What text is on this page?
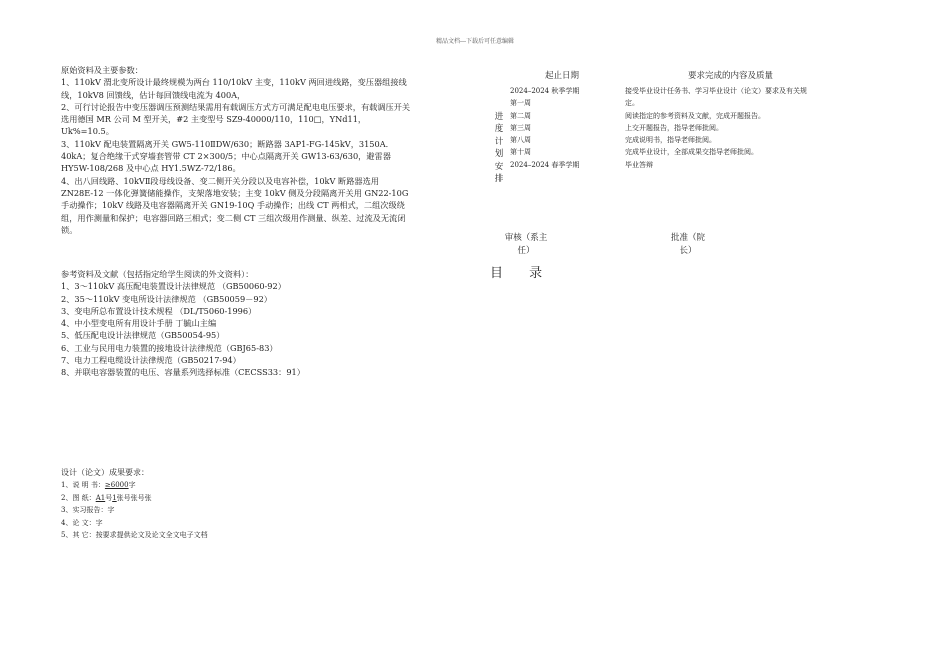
精品文档---下载后可任意编辑

原始资料及主要参数：

1、110kV 渭北变所设计最终规模为两台 110/10kV 主变，110kV 两回进线路，变压器组接线线，10kV8 回馈线，估计每回馈线电流为 400A，

2、可行讨论报告中变压器调压预测结果需用有载调压方式方可满足配电电压要求，有载调压开关选用德国 MR 公司 M 型开关，#2 主变型号 SZ9-40000/110，110□，YNd11，Uk%=10.5。

3、110kV 配电装置隔离开关 GW5-110ⅡDW/630；断路器 3AP1-FG-145kV，3150A．40kA；复合绝缘干式穿墙套管带 CT 2×300/5；中心点隔离开关 GW13-63/630，避雷器 HY5W-108/268 及中心点 HY1.5WZ-72/186。

4、出八回线路、10kVⅡ段母线设备、变二侧开关分段以及电容补偿，10kV 断路器选用 ZN28E-12 一体化弹簧储能操作，支架落地安装；主变 10kV 侧及分段隔离开关用 GN22-10G 手动操作；10kV 线路及电容器隔离开关 GN19-10Q 手动操作；出线 CT 两相式，二组次级绕组，用作测量和保护；电容器回路三相式；变二侧 CT 三组次级用作测量、纵差、过流及无流闭锁。

参考资料及文献（包括指定给学生阅读的外文资料）：

1、3～110kV 高压配电装置设计法律规范 （GB50060-92）

2、35～110kV 变电所设计法律规范 （GB50059－92）

3、变电所总布置设计技术规程 （DL/T5060-1996）

4、中小型变电所有用设计手册 丁毓山主编

5、低压配电设计法律规范（GB50054-95）

6、工业与民用电力装置的接地设计法律规范（GBJ65-83）

7、电力工程电缆设计法律规范（GB50217-94）

8、并联电容器装置的电压、容量系列选择标准（CECSS33：91）

设计（论文）成果要求：
1、说 明 书：≥6000字
2、图 纸：A1号1张号张号张
3、实习报告：字
4、论 文：字
5、其 它：按要求提供论文及论文全文电子文档
起止日期	要求完成的内容及质量
进
度
计
划
安
排
2024–2024 秋季学期
第一周
第二周
第三周
第八周
第十周
2024–2024 春季学期
接受毕业设计任务书、学习毕业设计（论文）要求及有关规
定。
阅读指定的参考资料及文献，完成开题报告。
上交开题报告，指导老师批阅。
完成说明书，指导老师批阅。
完成毕业设计，全部成果交指导老师批阅。
毕业答辩
审核（系主任）
批准（院长）
目 录
